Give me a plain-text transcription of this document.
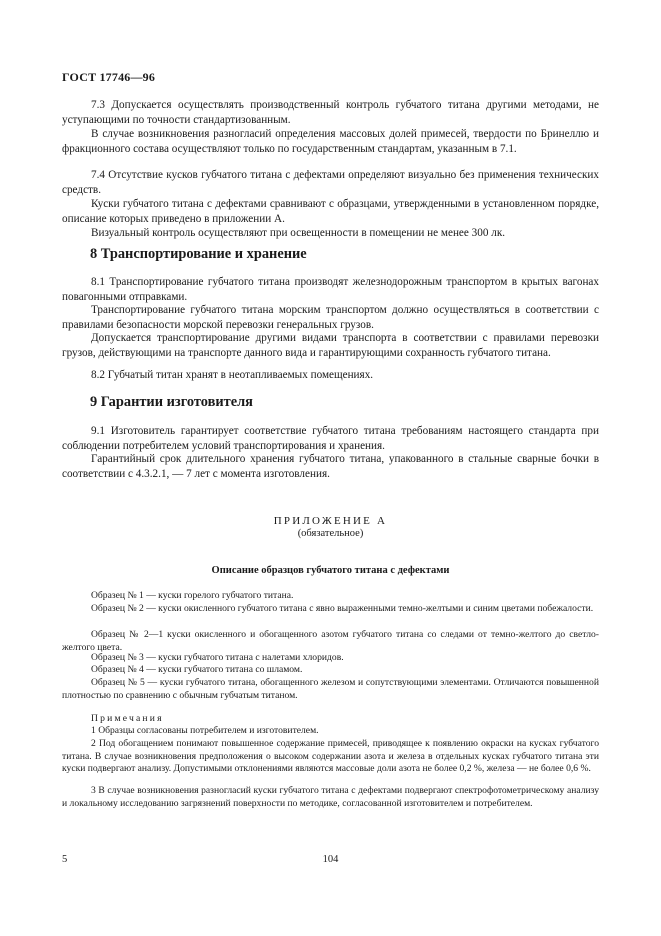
ГОСТ 17746—96

7.3 Допускается осуществлять производственный контроль губчатого титана другими методами, не уступающими по точности стандартизованным.

В случае возникновения разногласий определения массовых долей примесей, твердости по Бринеллю и фракционного состава осуществляют только по государственным стандартам, указанным в 7.1.

7.4 Отсутствие кусков губчатого титана с дефектами определяют визуально без применения технических средств.

Куски губчатого титана с дефектами сравнивают с образцами, утвержденными в установленном порядке, описание которых приведено в приложении А.

Визуальный контроль осуществляют при освещенности в помещении не менее 300 лк.

8 Транспортирование и хранение

8.1 Транспортирование губчатого титана производят железнодорожным транспортом в крытых вагонах повагонными отправками.

Транспортирование губчатого титана морским транспортом должно осуществляться в соответствии с правилами безопасности морской перевозки генеральных грузов.

Допускается транспортирование другими видами транспорта в соответствии с правилами перевозки грузов, действующими на транспорте данного вида и гарантирующими сохранность губчатого титана.

8.2 Губчатый титан хранят в неотапливаемых помещениях.

9 Гарантии изготовителя

9.1 Изготовитель гарантирует соответствие губчатого титана требованиям настоящего стандарта при соблюдении потребителем условий транспортирования и хранения.

Гарантийный срок длительного хранения губчатого титана, упакованного в стальные сварные бочки в соответствии с 4.3.2.1, — 7 лет с момента изготовления.

ПРИЛОЖЕНИЕ А

(обязательное)

Описание образцов губчатого титана с дефектами

Образец № 1 — куски горелого губчатого титана.

Образец № 2 — куски окисленного губчатого титана с явно выраженными темно-желтыми и синим цветами побежалости.

Образец № 2—1 куски окисленного и обогащенного азотом губчатого титана со следами от темно-желтого до светло-желтого цвета.

Образец № 3 — куски губчатого титана с налетами хлоридов.

Образец № 4 — куски губчатого титана со шламом.

Образец № 5 — куски губчатого титана, обогащенного железом и сопутствующими элементами. Отличаются повышенной плотностью по сравнению с обычным губчатым титаном.

Примечания

1 Образцы согласованы потребителем и изготовителем.

2 Под обогащением понимают повышенное содержание примесей, приводящее к появлению окраски на кусках губчатого титана. В случае возникновения предположения о высоком содержании азота и железа в отдельных кусках губчатого титана эти куски подвергают анализу. Допустимыми отклонениями являются массовые доли азота не более 0,2 %, железа — не более 0,6 %.

3 В случае возникновения разногласий куски губчатого титана с дефектами подвергают спектрофотометрическому анализу и локальному исследованию загрязнений поверхности по методике, согласованной изготовителем и потребителем.

5	104
